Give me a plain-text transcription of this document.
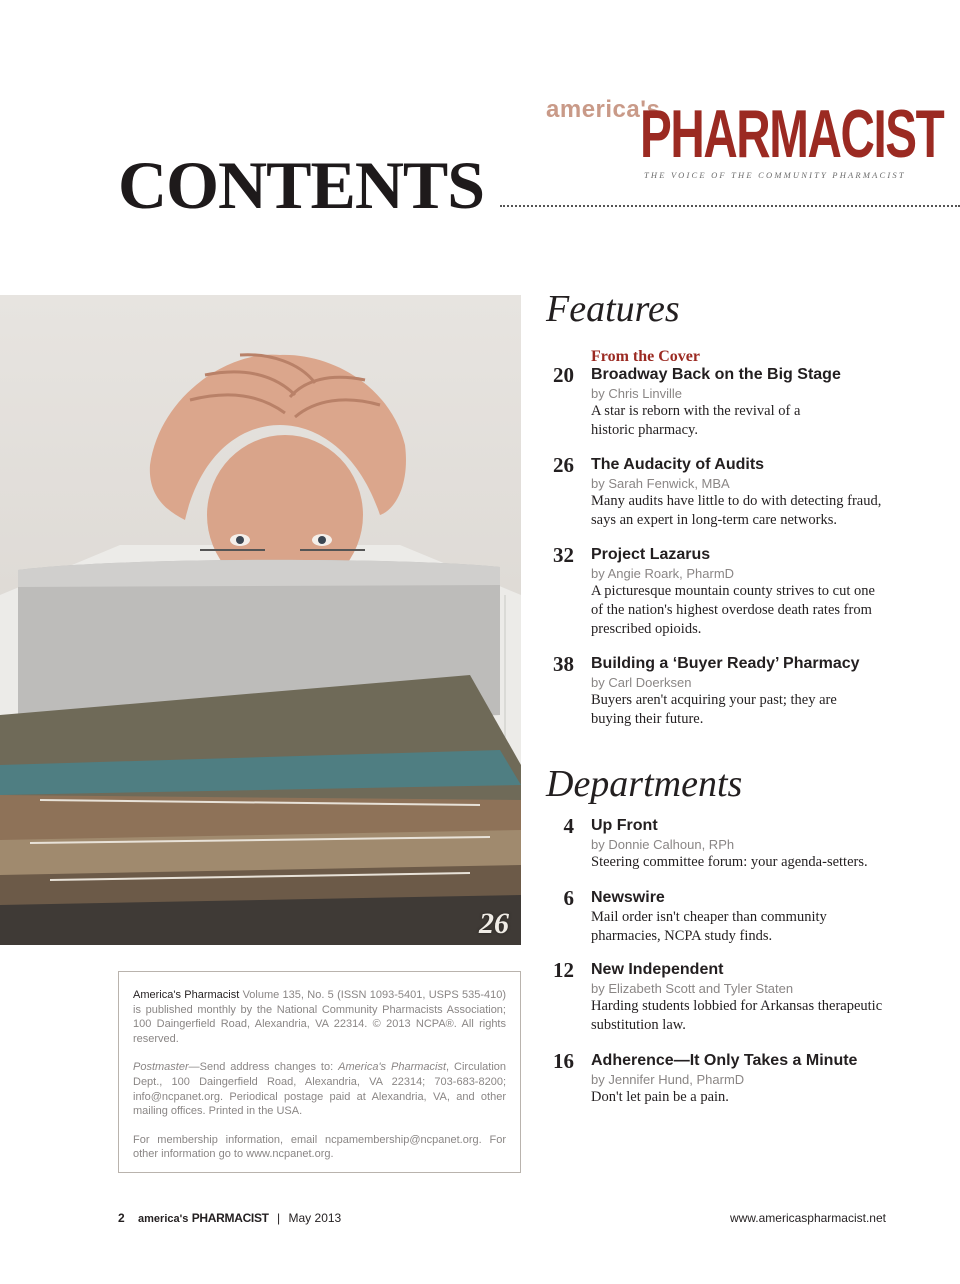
america's
PHARMACIST
THE VOICE OF THE COMMUNITY PHARMACIST
CONTENTS
26

America's Pharmacist Volume 135, No. 5 (ISSN 1093-5401, USPS 535-410) is published monthly by the National Community Pharmacists Association; 100 Daingerfield Road, Alexandria, VA 22314. © 2013 NCPA®. All rights reserved.

Postmaster—Send address changes to: America's Pharmacist, Circulation Dept., 100 Daingerfield Road, Alexandria, VA 22314; 703-683-8200; info@ncpanet.org. Periodical postage paid at Alexandria, VA, and other mailing offices. Printed in the USA.

For membership information, email ncpamembership@ncpanet.org. For other information go to www.ncpanet.org.

Features
20
From the Cover
Broadway Back on the Big Stage
by Chris Linville
A star is reborn with the revival of a historic pharmacy.
26 The Audacity of Audits
by Sarah Fenwick, MBA
Many audits have little to do with detecting fraud, says an expert in long-term care networks.
32 Project Lazarus
by Angie Roark, PharmD
A picturesque mountain county strives to cut one of the nation's highest overdose death rates from prescribed opioids.
38 Building a ‘Buyer Ready’ Pharmacy
by Carl Doerksen
Buyers aren't acquiring your past; they are buying their future.
Departments
4 Up Front
by Donnie Calhoun, RPh
Steering committee forum: your agenda-setters.
6 Newswire
Mail order isn't cheaper than community pharmacies, NCPA study finds.
12 New Independent
by Elizabeth Scott and Tyler Staten
Harding students lobbied for Arkansas therapeutic substitution law.
16 Adherence—It Only Takes a Minute
by Jennifer Hund, PharmD
Don't let pain be a pain.
2 america's PHARMACIST | May 2013	www.americaspharmacist.net
